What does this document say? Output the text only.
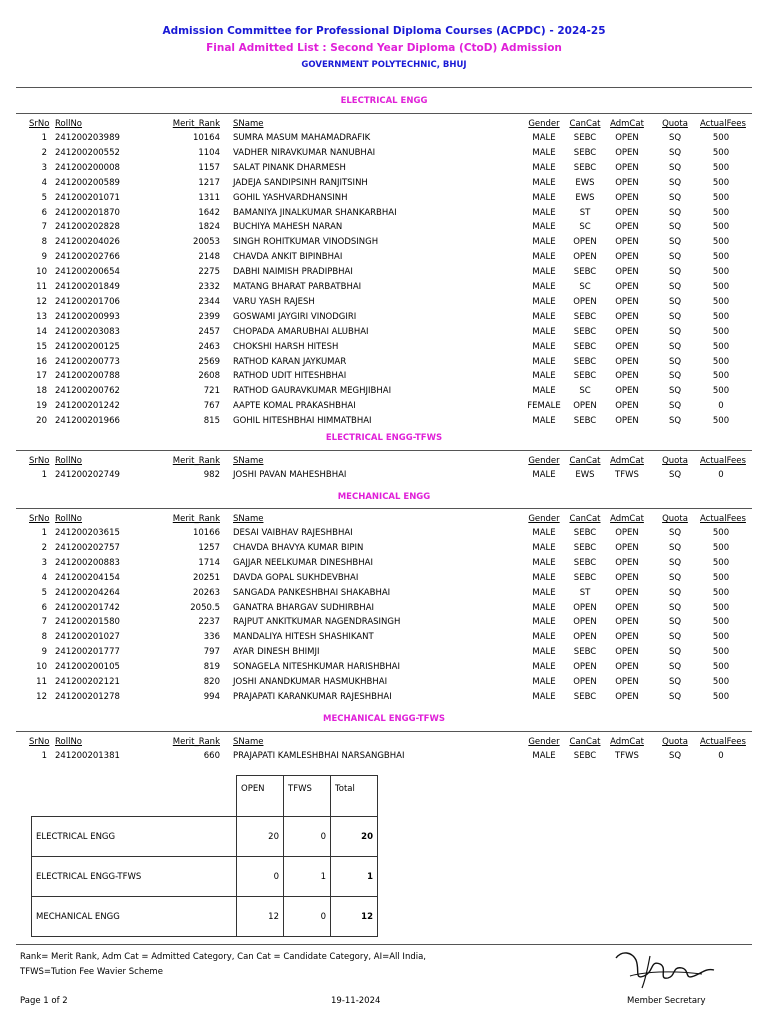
Admission Committee for Professional Diploma Courses (ACPDC) - 2024-25
Final Admitted List : Second Year Diploma (CtoD) Admission
GOVERNMENT POLYTECHNIC, BHUJ
ELECTRICAL ENGG
SrNo RollNo	Merit_Rank SName	Gender	CanCat	AdmCat	Quota ActualFees
1 241200203989	10164 SUMRA MASUM MAHAMADRAFIK	MALE	SEBC	OPEN	SQ	500
2 241200200552	1104 VADHER NIRAVKUMAR NANUBHAI	MALE	SEBC	OPEN	SQ	500
3 241200200008	1157 SALAT PINANK DHARMESH	MALE	SEBC	OPEN	SQ	500
4 241200200589	1217 JADEJA SANDIPSINH RANJITSINH	MALE	EWS	OPEN	SQ	500
5 241200201071	1311 GOHIL YASHVARDHANSINH	MALE	EWS	OPEN	SQ	500
6 241200201870	1642 BAMANIYA JINALKUMAR SHANKARBHAI	MALE	ST	OPEN	SQ	500
7 241200202828	1824 BUCHIYA MAHESH NARAN	MALE	SC	OPEN	SQ	500
8 241200204026	20053 SINGH ROHITKUMAR VINODSINGH	MALE	OPEN	OPEN	SQ	500
9 241200202766	2148 CHAVDA ANKIT BIPINBHAI	MALE	OPEN	OPEN	SQ	500
10 241200200654	2275 DABHI NAIMISH PRADIPBHAI	MALE	SEBC	OPEN	SQ	500
11 241200201849	2332 MATANG BHARAT PARBATBHAI	MALE	SC	OPEN	SQ	500
12 241200201706	2344 VARU YASH RAJESH	MALE	OPEN	OPEN	SQ	500
13 241200200993	2399 GOSWAMI JAYGIRI VINODGIRI	MALE	SEBC	OPEN	SQ	500
14 241200203083	2457 CHOPADA AMARUBHAI ALUBHAI	MALE	SEBC	OPEN	SQ	500
15 241200200125	2463 CHOKSHI HARSH HITESH	MALE	SEBC	OPEN	SQ	500
16 241200200773	2569 RATHOD KARAN JAYKUMAR	MALE	SEBC	OPEN	SQ	500
17 241200200788	2608 RATHOD UDIT HITESHBHAI	MALE	SEBC	OPEN	SQ	500
18 241200200762	721 RATHOD GAURAVKUMAR MEGHJIBHAI	MALE	SC	OPEN	SQ	500
19 241200201242	767 AAPTE KOMAL PRAKASHBHAI	FEMALE	OPEN	OPEN	SQ	0
20 241200201966	815 GOHIL HITESHBHAI HIMMATBHAI	MALE	SEBC	OPEN	SQ	500
ELECTRICAL ENGG-TFWS
SrNo RollNo	Merit_Rank SName	Gender	CanCat	AdmCat	Quota ActualFees
1 241200202749	982 JOSHI PAVAN MAHESHBHAI	MALE	EWS	TFWS	SQ	0
MECHANICAL ENGG
SrNo RollNo	Merit_Rank SName	Gender	CanCat	AdmCat	Quota ActualFees
1 241200203615	10166 DESAI VAIBHAV RAJESHBHAI	MALE	SEBC	OPEN	SQ	500
2 241200202757	1257 CHAVDA BHAVYA KUMAR BIPIN	MALE	SEBC	OPEN	SQ	500
3 241200200883	1714 GAJJAR NEELKUMAR DINESHBHAI	MALE	SEBC	OPEN	SQ	500
4 241200204154	20251 DAVDA GOPAL SUKHDEVBHAI	MALE	SEBC	OPEN	SQ	500
5 241200204264	20263 SANGADA PANKESHBHAI SHAKABHAI	MALE	ST	OPEN	SQ	500
6 241200201742	2050.5 GANATRA BHARGAV SUDHIRBHAI	MALE	OPEN	OPEN	SQ	500
7 241200201580	2237 RAJPUT ANKITKUMAR NAGENDRASINGH	MALE	OPEN	OPEN	SQ	500
8 241200201027	336 MANDALIYA HITESH SHASHIKANT	MALE	OPEN	OPEN	SQ	500
9 241200201777	797 AYAR DINESH BHIMJI	MALE	SEBC	OPEN	SQ	500
10 241200200105	819 SONAGELA NITESHKUMAR HARISHBHAI	MALE	OPEN	OPEN	SQ	500
11 241200202121	820 JOSHI ANANDKUMAR HASMUKHBHAI	MALE	OPEN	OPEN	SQ	500
12 241200201278	994 PRAJAPATI KARANKUMAR RAJESHBHAI	MALE	SEBC	OPEN	SQ	500
MECHANICAL ENGG-TFWS
SrNo RollNo	Merit_Rank SName	Gender	CanCat	AdmCat	Quota ActualFees
1 241200201381	660 PRAJAPATI KAMLESHBHAI NARSANGBHAI	MALE	SEBC	TFWS	SQ	0
	OPEN	TFWS	Total
ELECTRICAL ENGG	20	0	20
ELECTRICAL ENGG-TFWS	0	1	1
MECHANICAL ENGG	12	0	12
Rank= Merit Rank, Adm Cat = Admitted Category, Can Cat = Candidate Category, AI=All India,
TFWS=Tution Fee Wavier Scheme
Page 1 of 2	19-11-2024	Member Secretary
